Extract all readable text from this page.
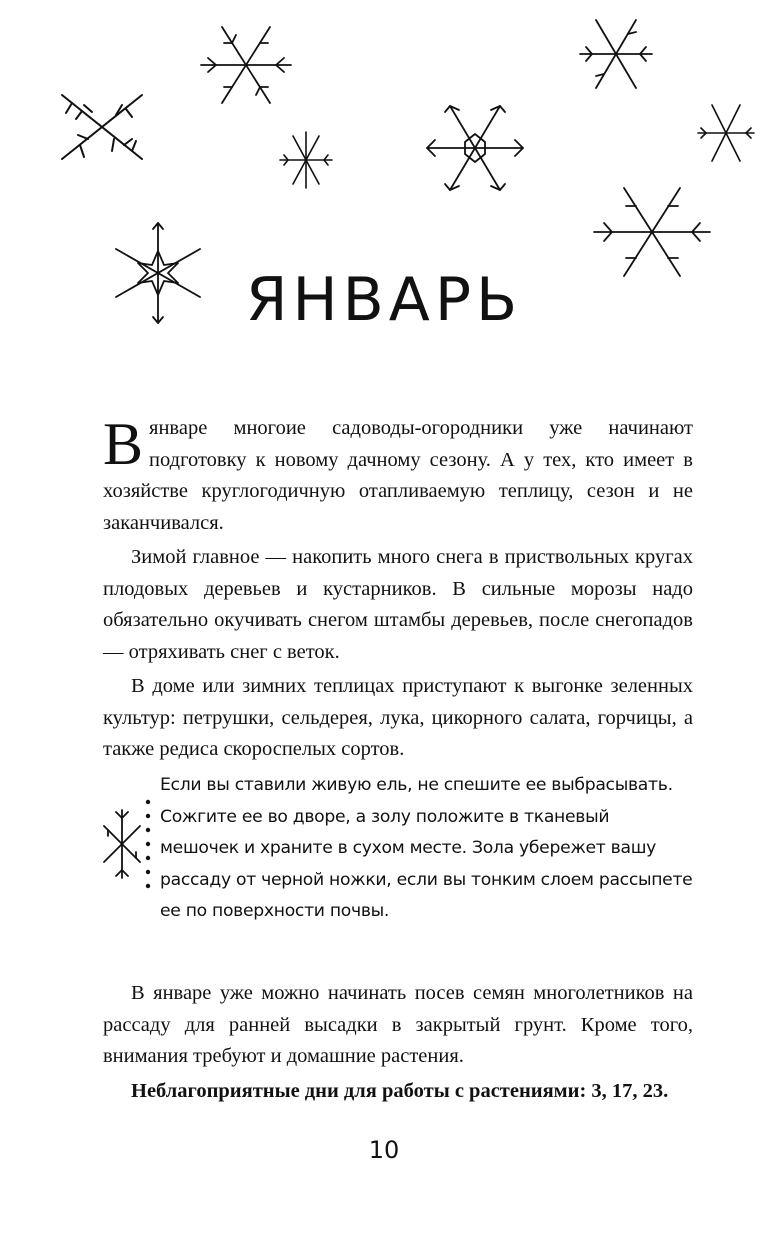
ЯНВАРЬ

Вянваре многоие садоводы-огородники уже начинают подготовку к новому дачному сезону. А у тех, кто имеет в хозяйстве круглогодичную отапливаемую теплицу, сезон и не заканчивался.

Зимой главное — накопить много снега в приствольных кругах плодовых деревьев и кустарников. В сильные морозы надо обязательно окучивать снегом штамбы деревьев, после снегопадов — отряхивать снег с веток.

В доме или зимних теплицах приступают к выгонке зеленных культур: петрушки, сельдерея, лука, цикорного салата, горчицы, а также редиса скороспелых сортов.

Если вы ставили живую ель, не спешите ее выбрасывать. Сожгите ее во дворе, а золу положите в тканевый мешочек и храните в сухом месте. Зола убережет вашу рассаду от черной ножки, если вы тонким слоем рассыпете ее по поверхности почвы.

В январе уже можно начинать посев семян многолетников на рассаду для ранней высадки в закрытый грунт. Кроме того, внимания требуют и домашние растения.

Неблагоприятные дни для работы с растениями: 3, 17, 23.

10
